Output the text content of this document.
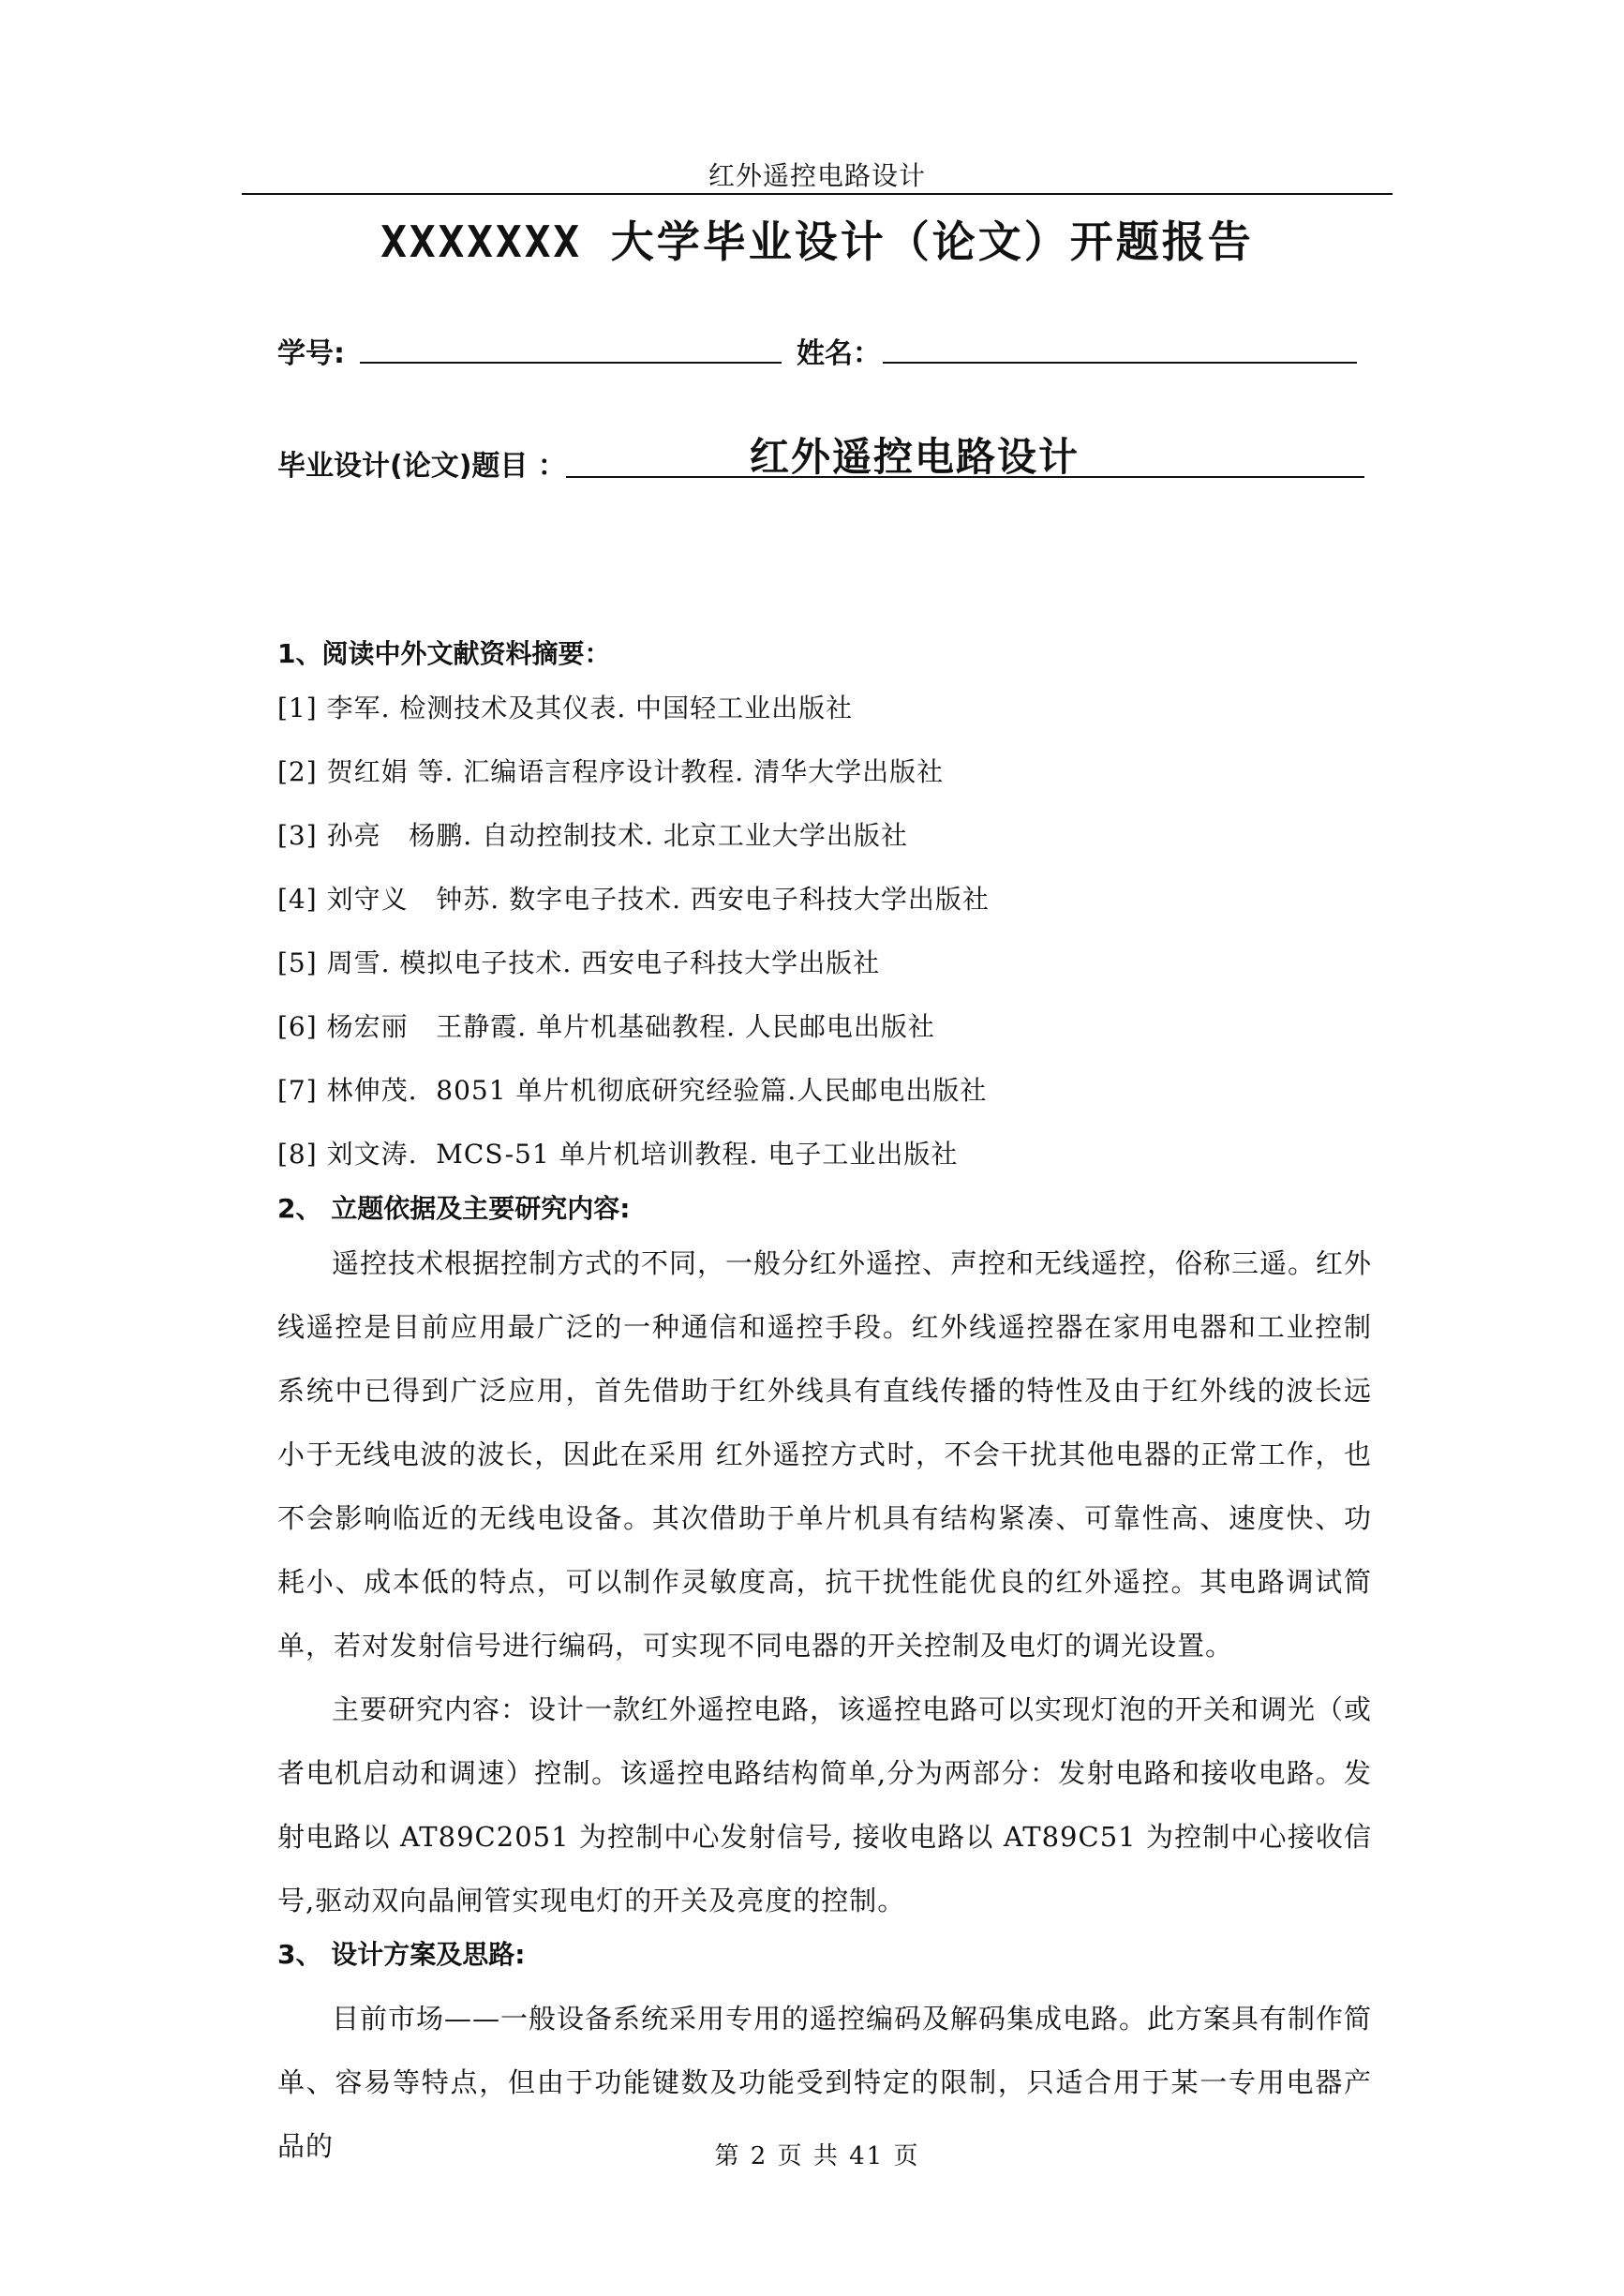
红外遥控电路设计
XXXXXXX 大学毕业设计（论文）开题报告
学号:	姓名：
毕业设计(论文)题目 ：	红外遥控电路设计
1、阅读中外文献资料摘要：
[1] 李军. 检测技术及其仪表. 中国轻工业出版社
[2] 贺红娟 等. 汇编语言程序设计教程. 清华大学出版社
[3] 孙亮   杨鹏. 自动控制技术. 北京工业大学出版社
[4] 刘守义   钟苏. 数字电子技术. 西安电子科技大学出版社
[5] 周雪. 模拟电子技术. 西安电子科技大学出版社
[6] 杨宏丽   王静霞. 单片机基础教程. 人民邮电出版社
[7] 林伸茂.  8051 单片机彻底研究经验篇.人民邮电出版社
[8] 刘文涛.  MCS-51 单片机培训教程. 电子工业出版社
2、 立题依据及主要研究内容:

遥控技术根据控制方式的不同，一般分红外遥控、声控和无线遥控，俗称三遥。红外线遥控是目前应用最广泛的一种通信和遥控手段。红外线遥控器在家用电器和工业控制系统中已得到广泛应用，首先借助于红外线具有直线传播的特性及由于红外线的波长远小于无线电波的波长，因此在采用 红外遥控方式时，不会干扰其他电器的正常工作，也不会影响临近的无线电设备。其次借助于单片机具有结构紧凑、可靠性高、速度快、功耗小、成本低的特点，可以制作灵敏度高，抗干扰性能优良的红外遥控。其电路调试简单，若对发射信号进行编码，可实现不同电器的开关控制及电灯的调光设置。

主要研究内容：设计一款红外遥控电路，该遥控电路可以实现灯泡的开关和调光（或者电机启动和调速）控制。该遥控电路结构简单,分为两部分：发射电路和接收电路。发射电路以 AT89C2051 为控制中心发射信号, 接收电路以 AT89C51 为控制中心接收信号,驱动双向晶闸管实现电灯的开关及亮度的控制。

3、 设计方案及思路:

目前市场——一般设备系统采用专用的遥控编码及解码集成电路。此方案具有制作简单、容易等特点，但由于功能键数及功能受到特定的限制，只适合用于某一专用电器产品的	第 2 页 共 41 页
